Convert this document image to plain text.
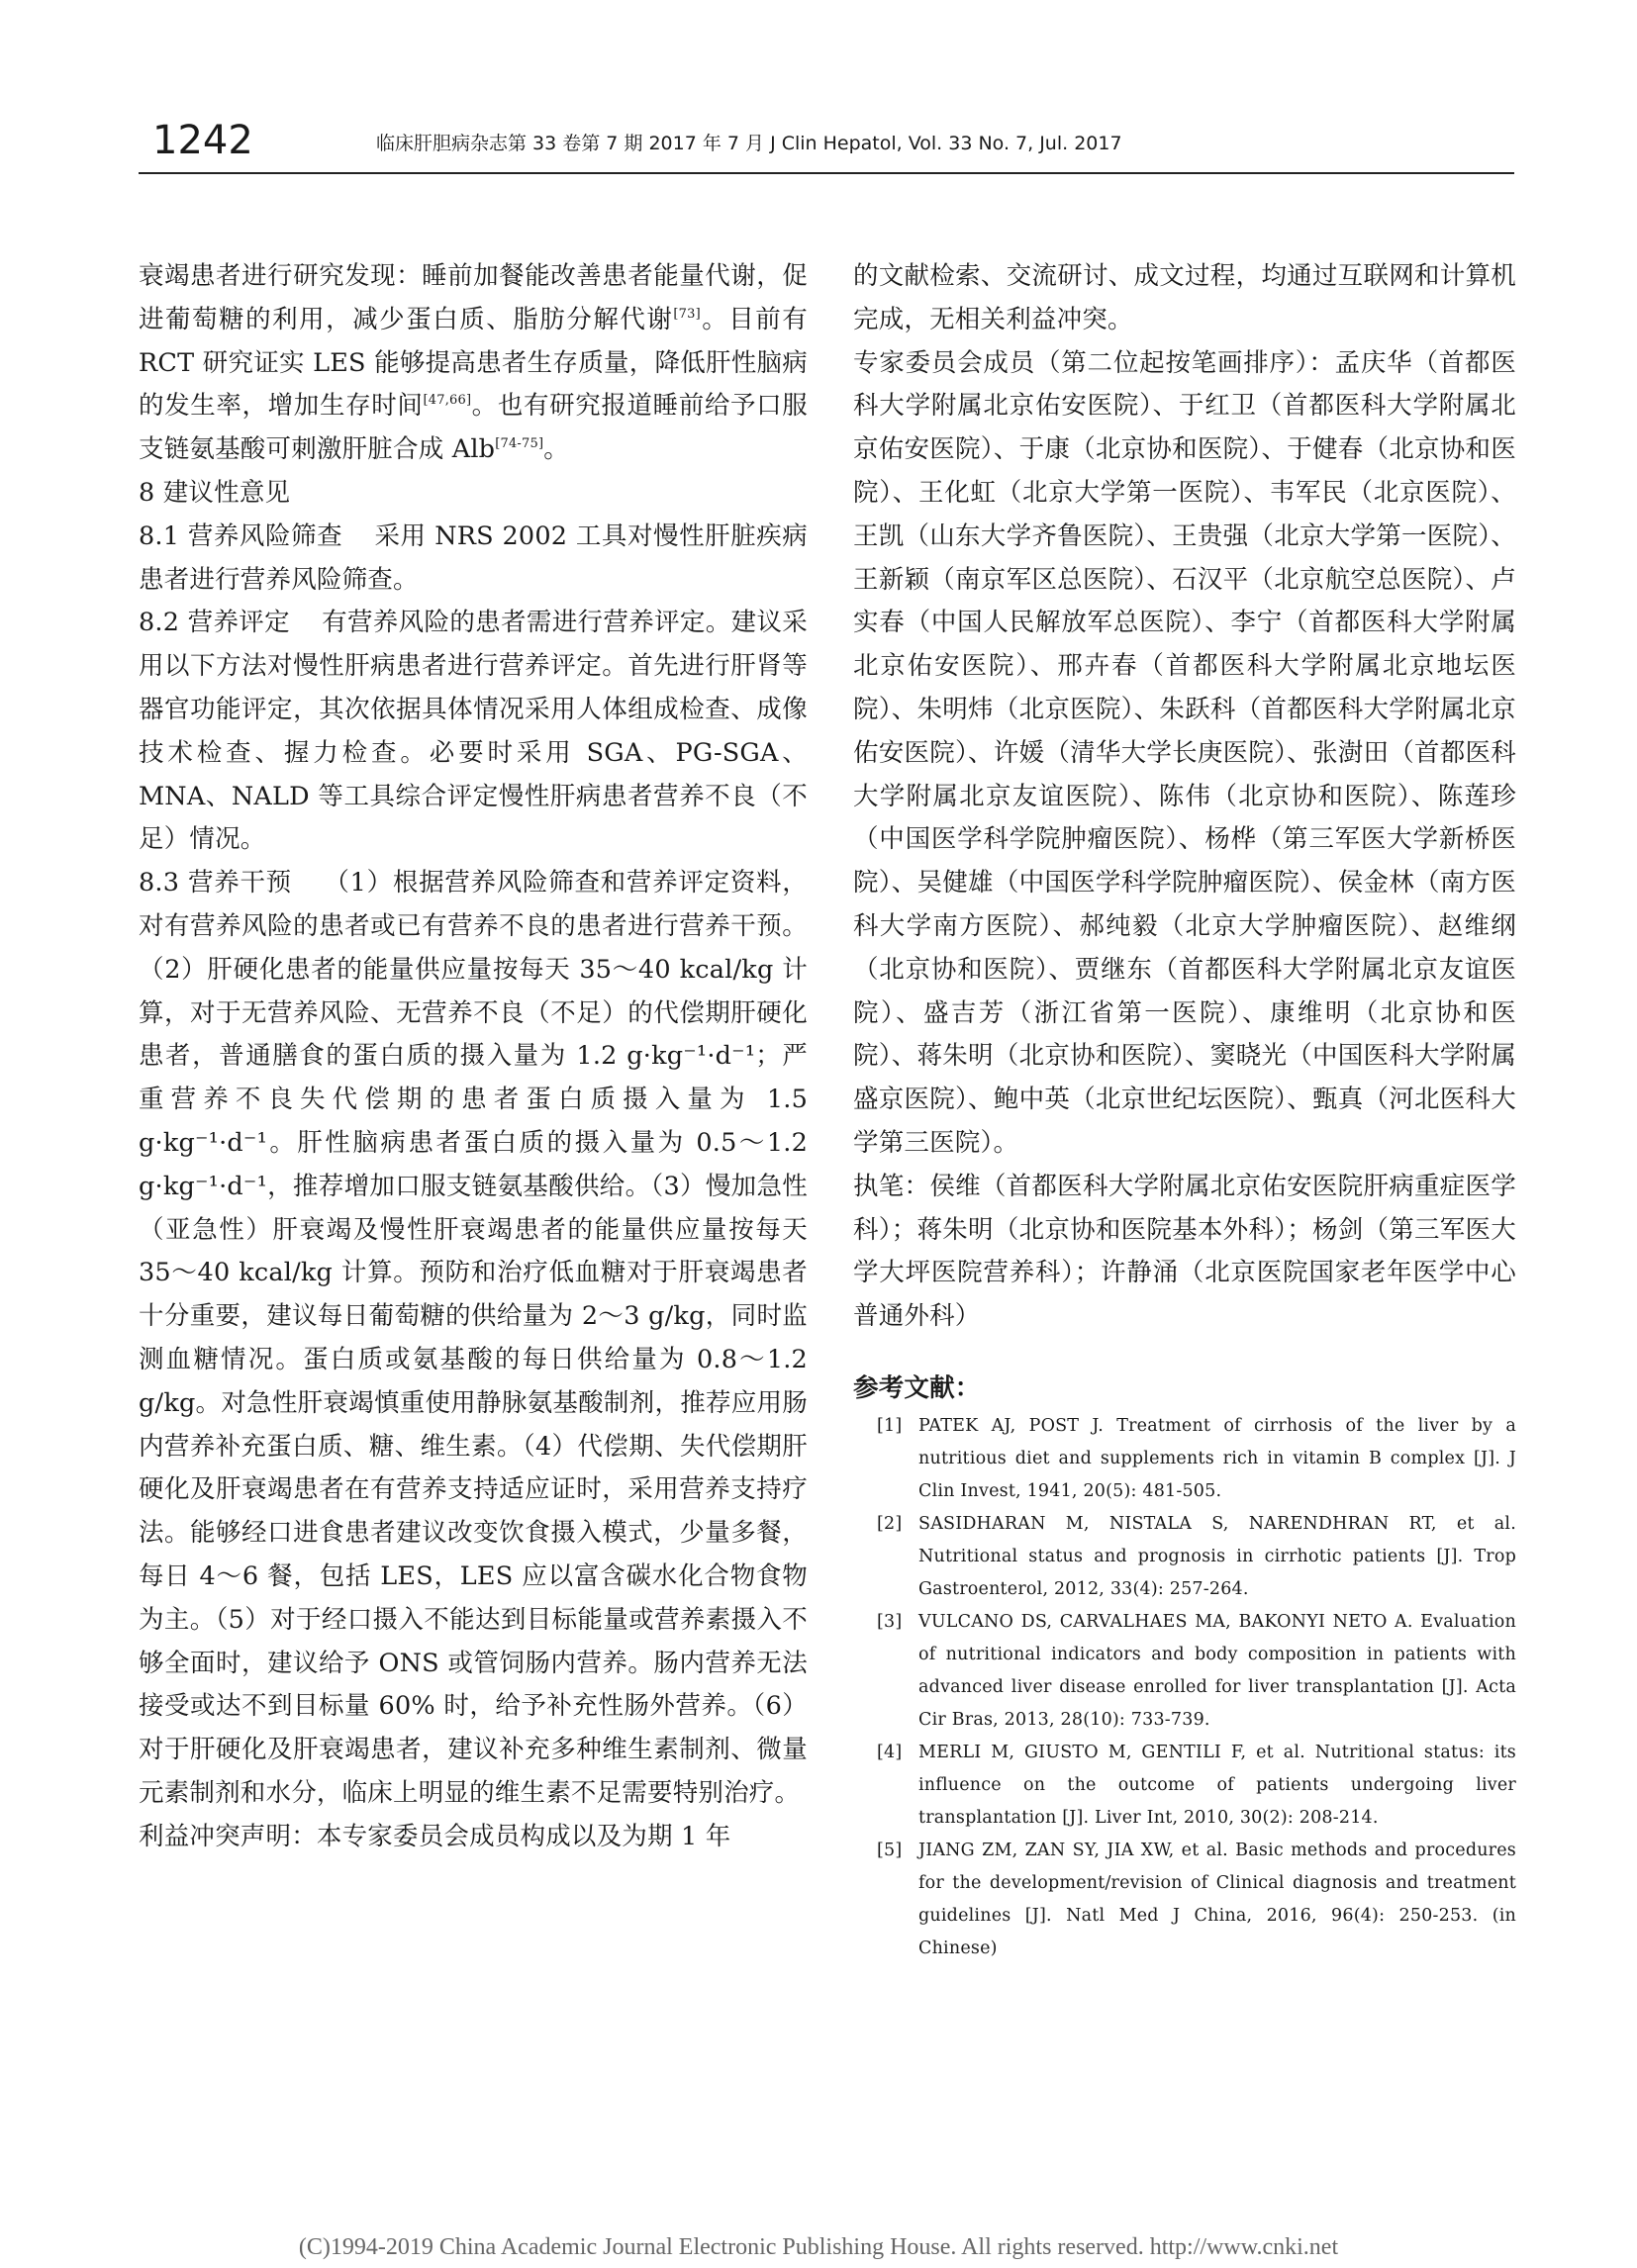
1242	临床肝胆病杂志第 33 卷第 7 期 2017 年 7 月 J Clin Hepatol, Vol. 33 No. 7, Jul. 2017

衰竭患者进行研究发现：睡前加餐能改善患者能量代谢，促进葡萄糖的利用，减少蛋白质、脂肪分解代谢[73]。目前有 RCT 研究证实 LES 能够提高患者生存质量，降低肝性脑病的发生率，增加生存时间[47,66]。也有研究报道睡前给予口服支链氨基酸可刺激肝脏合成 Alb[74-75]。

8 建议性意见

8.1 营养风险筛查 采用 NRS 2002 工具对慢性肝脏疾病患者进行营养风险筛查。

8.2 营养评定 有营养风险的患者需进行营养评定。建议采用以下方法对慢性肝病患者进行营养评定。首先进行肝肾等器官功能评定，其次依据具体情况采用人体组成检查、成像技术检查、握力检查。必要时采用 SGA、PG-SGA、MNA、NALD 等工具综合评定慢性肝病患者营养不良（不足）情况。

8.3 营养干预 （1）根据营养风险筛查和营养评定资料，对有营养风险的患者或已有营养不良的患者进行营养干预。（2）肝硬化患者的能量供应量按每天 35～40 kcal/kg 计算，对于无营养风险、无营养不良（不足）的代偿期肝硬化患者，普通膳食的蛋白质的摄入量为 1.2 g·kg⁻¹·d⁻¹；严重营养不良失代偿期的患者蛋白质摄入量为 1.5 g·kg⁻¹·d⁻¹。肝性脑病患者蛋白质的摄入量为 0.5～1.2 g·kg⁻¹·d⁻¹，推荐增加口服支链氨基酸供给。（3）慢加急性（亚急性）肝衰竭及慢性肝衰竭患者的能量供应量按每天 35～40 kcal/kg 计算。预防和治疗低血糖对于肝衰竭患者十分重要，建议每日葡萄糖的供给量为 2～3 g/kg，同时监测血糖情况。蛋白质或氨基酸的每日供给量为 0.8～1.2 g/kg。对急性肝衰竭慎重使用静脉氨基酸制剂，推荐应用肠内营养补充蛋白质、糖、维生素。（4）代偿期、失代偿期肝硬化及肝衰竭患者在有营养支持适应证时，采用营养支持疗法。能够经口进食患者建议改变饮食摄入模式，少量多餐，每日 4～6 餐，包括 LES，LES 应以富含碳水化合物食物为主。（5）对于经口摄入不能达到目标能量或营养素摄入不够全面时，建议给予 ONS 或管饲肠内营养。肠内营养无法接受或达不到目标量 60% 时，给予补充性肠外营养。（6）对于肝硬化及肝衰竭患者，建议补充多种维生素制剂、微量元素制剂和水分，临床上明显的维生素不足需要特别治疗。

利益冲突声明：本专家委员会成员构成以及为期 1 年

的文献检索、交流研讨、成文过程，均通过互联网和计算机完成，无相关利益冲突。

专家委员会成员（第二位起按笔画排序）：孟庆华（首都医科大学附属北京佑安医院）、于红卫（首都医科大学附属北京佑安医院）、于康（北京协和医院）、于健春（北京协和医院）、王化虹（北京大学第一医院）、韦军民（北京医院）、王凯（山东大学齐鲁医院）、王贵强（北京大学第一医院）、王新颖（南京军区总医院）、石汉平（北京航空总医院）、卢实春（中国人民解放军总医院）、李宁（首都医科大学附属北京佑安医院）、邢卉春（首都医科大学附属北京地坛医院）、朱明炜（北京医院）、朱跃科（首都医科大学附属北京佑安医院）、许媛（清华大学长庚医院）、张澍田（首都医科大学附属北京友谊医院）、陈伟（北京协和医院）、陈莲珍（中国医学科学院肿瘤医院）、杨桦（第三军医大学新桥医院）、吴健雄（中国医学科学院肿瘤医院）、侯金林（南方医科大学南方医院）、郝纯毅（北京大学肿瘤医院）、赵维纲（北京协和医院）、贾继东（首都医科大学附属北京友谊医院）、盛吉芳（浙江省第一医院）、康维明（北京协和医院）、蒋朱明（北京协和医院）、窦晓光（中国医科大学附属盛京医院）、鲍中英（北京世纪坛医院）、甄真（河北医科大学第三医院）。

执笔：侯维（首都医科大学附属北京佑安医院肝病重症医学科）；蒋朱明（北京协和医院基本外科）；杨剑（第三军医大学大坪医院营养科）；许静涌（北京医院国家老年医学中心普通外科）

参考文献：

[1] PATEK AJ, POST J. Treatment of cirrhosis of the liver by a nutritious diet and supplements rich in vitamin B complex [J]. J Clin Invest, 1941, 20(5): 481-505.
[2] SASIDHARAN M, NISTALA S, NARENDHRAN RT, et al. Nutritional status and prognosis in cirrhotic patients [J]. Trop Gastroenterol, 2012, 33(4): 257-264.
[3] VULCANO DS, CARVALHAES MA, BAKONYI NETO A. Evaluation of nutritional indicators and body composition in patients with advanced liver disease enrolled for liver transplantation [J]. Acta Cir Bras, 2013, 28(10): 733-739.
[4] MERLI M, GIUSTO M, GENTILI F, et al. Nutritional status: its influence on the outcome of patients undergoing liver transplantation [J]. Liver Int, 2010, 30(2): 208-214.
[5] JIANG ZM, ZAN SY, JIA XW, et al. Basic methods and procedures for the development/revision of Clinical diagnosis and treatment guidelines [J]. Natl Med J China, 2016, 96(4): 250-253. (in Chinese)
(C)1994-2019 China Academic Journal Electronic Publishing House. All rights reserved. http://www.cnki.net
